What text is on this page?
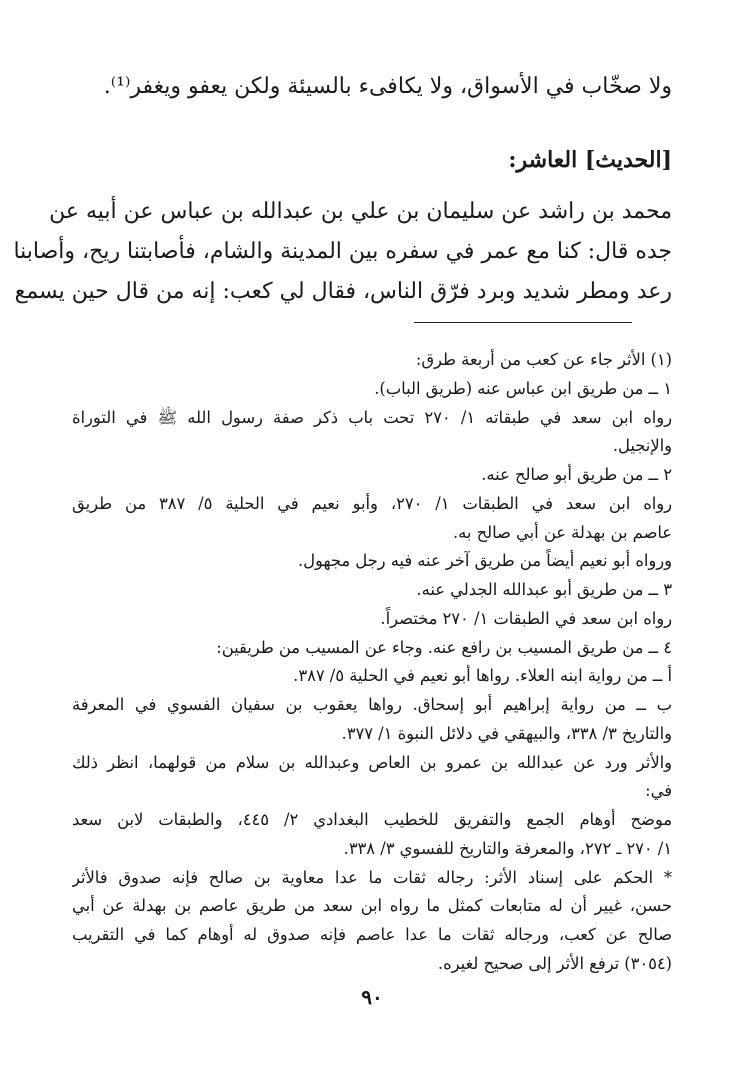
ولا صخّاب في الأسواق، ولا يكافىء بالسيئة ولكن يعفو ويغفر⁽¹⁾.
[الحديث] العاشر:
محمد بن راشد عن سليمان بن علي بن عبدالله بن عباس عن أبيه عن
جده قال: كنا مع عمر في سفره بين المدينة والشام، فأصابتنا ريح، وأصابنا
رعد ومطر شديد وبرد فرّق الناس، فقال لي كعب: إنه من قال حين يسمع
(١) الأثر جاء عن كعب من أربعة طرق:
١ ــ من طريق ابن عباس عنه (طريق الباب).
رواه ابن سعد في طبقاته ١/ ٢٧٠ تحت باب ذكر صفة رسول الله ﷺ في التوراة
والإنجيل.
٢ ــ من طريق أبو صالح عنه.
رواه ابن سعد في الطبقات ١/ ٢٧٠، وأبو نعيم في الحلية ٥/ ٣٨٧ من طريق
عاصم بن بهدلة عن أبي صالح به.
ورواه أبو نعيم أيضاً من طريق آخر عنه فيه رجل مجهول.
٣ ــ من طريق أبو عبدالله الجدلي عنه.
رواه ابن سعد في الطبقات ١/ ٢٧٠ مختصراً.
٤ ــ من طريق المسيب بن رافع عنه. وجاء عن المسيب من طريقين:
أ ــ من رواية ابنه العلاء. رواها أبو نعيم في الحلية ٥/ ٣٨٧.
ب ــ من رواية إبراهيم أبو إسحاق. رواها يعقوب بن سفيان الفسوي في المعرفة
والتاريخ ٣/ ٣٣٨، والبيهقي في دلائل النبوة ١/ ٣٧٧.
والأثر ورد عن عبدالله بن عمرو بن العاص وعبدالله بن سلام من قولهما، انظر ذلك
في:
موضح أوهام الجمع والتفريق للخطيب البغدادي ٢/ ٤٤٥، والطبقات لابن سعد
١/ ٢٧٠ ـ ٢٧٢، والمعرفة والتاريخ للفسوي ٣/ ٣٣٨.
* الحكم على إسناد الأثر: رجاله ثقات ما عدا معاوية بن صالح فإنه صدوق فالأثر
حسن، غيير أن له متابعات كمثل ما رواه ابن سعد من طريق عاصم بن بهدلة عن أبي
صالح عن كعب، ورجاله ثقات ما عدا عاصم فإنه صدوق له أوهام كما في التقريب
(٣٠٥٤) ترفع الأثر إلى صحيح لغيره.
٩٠
